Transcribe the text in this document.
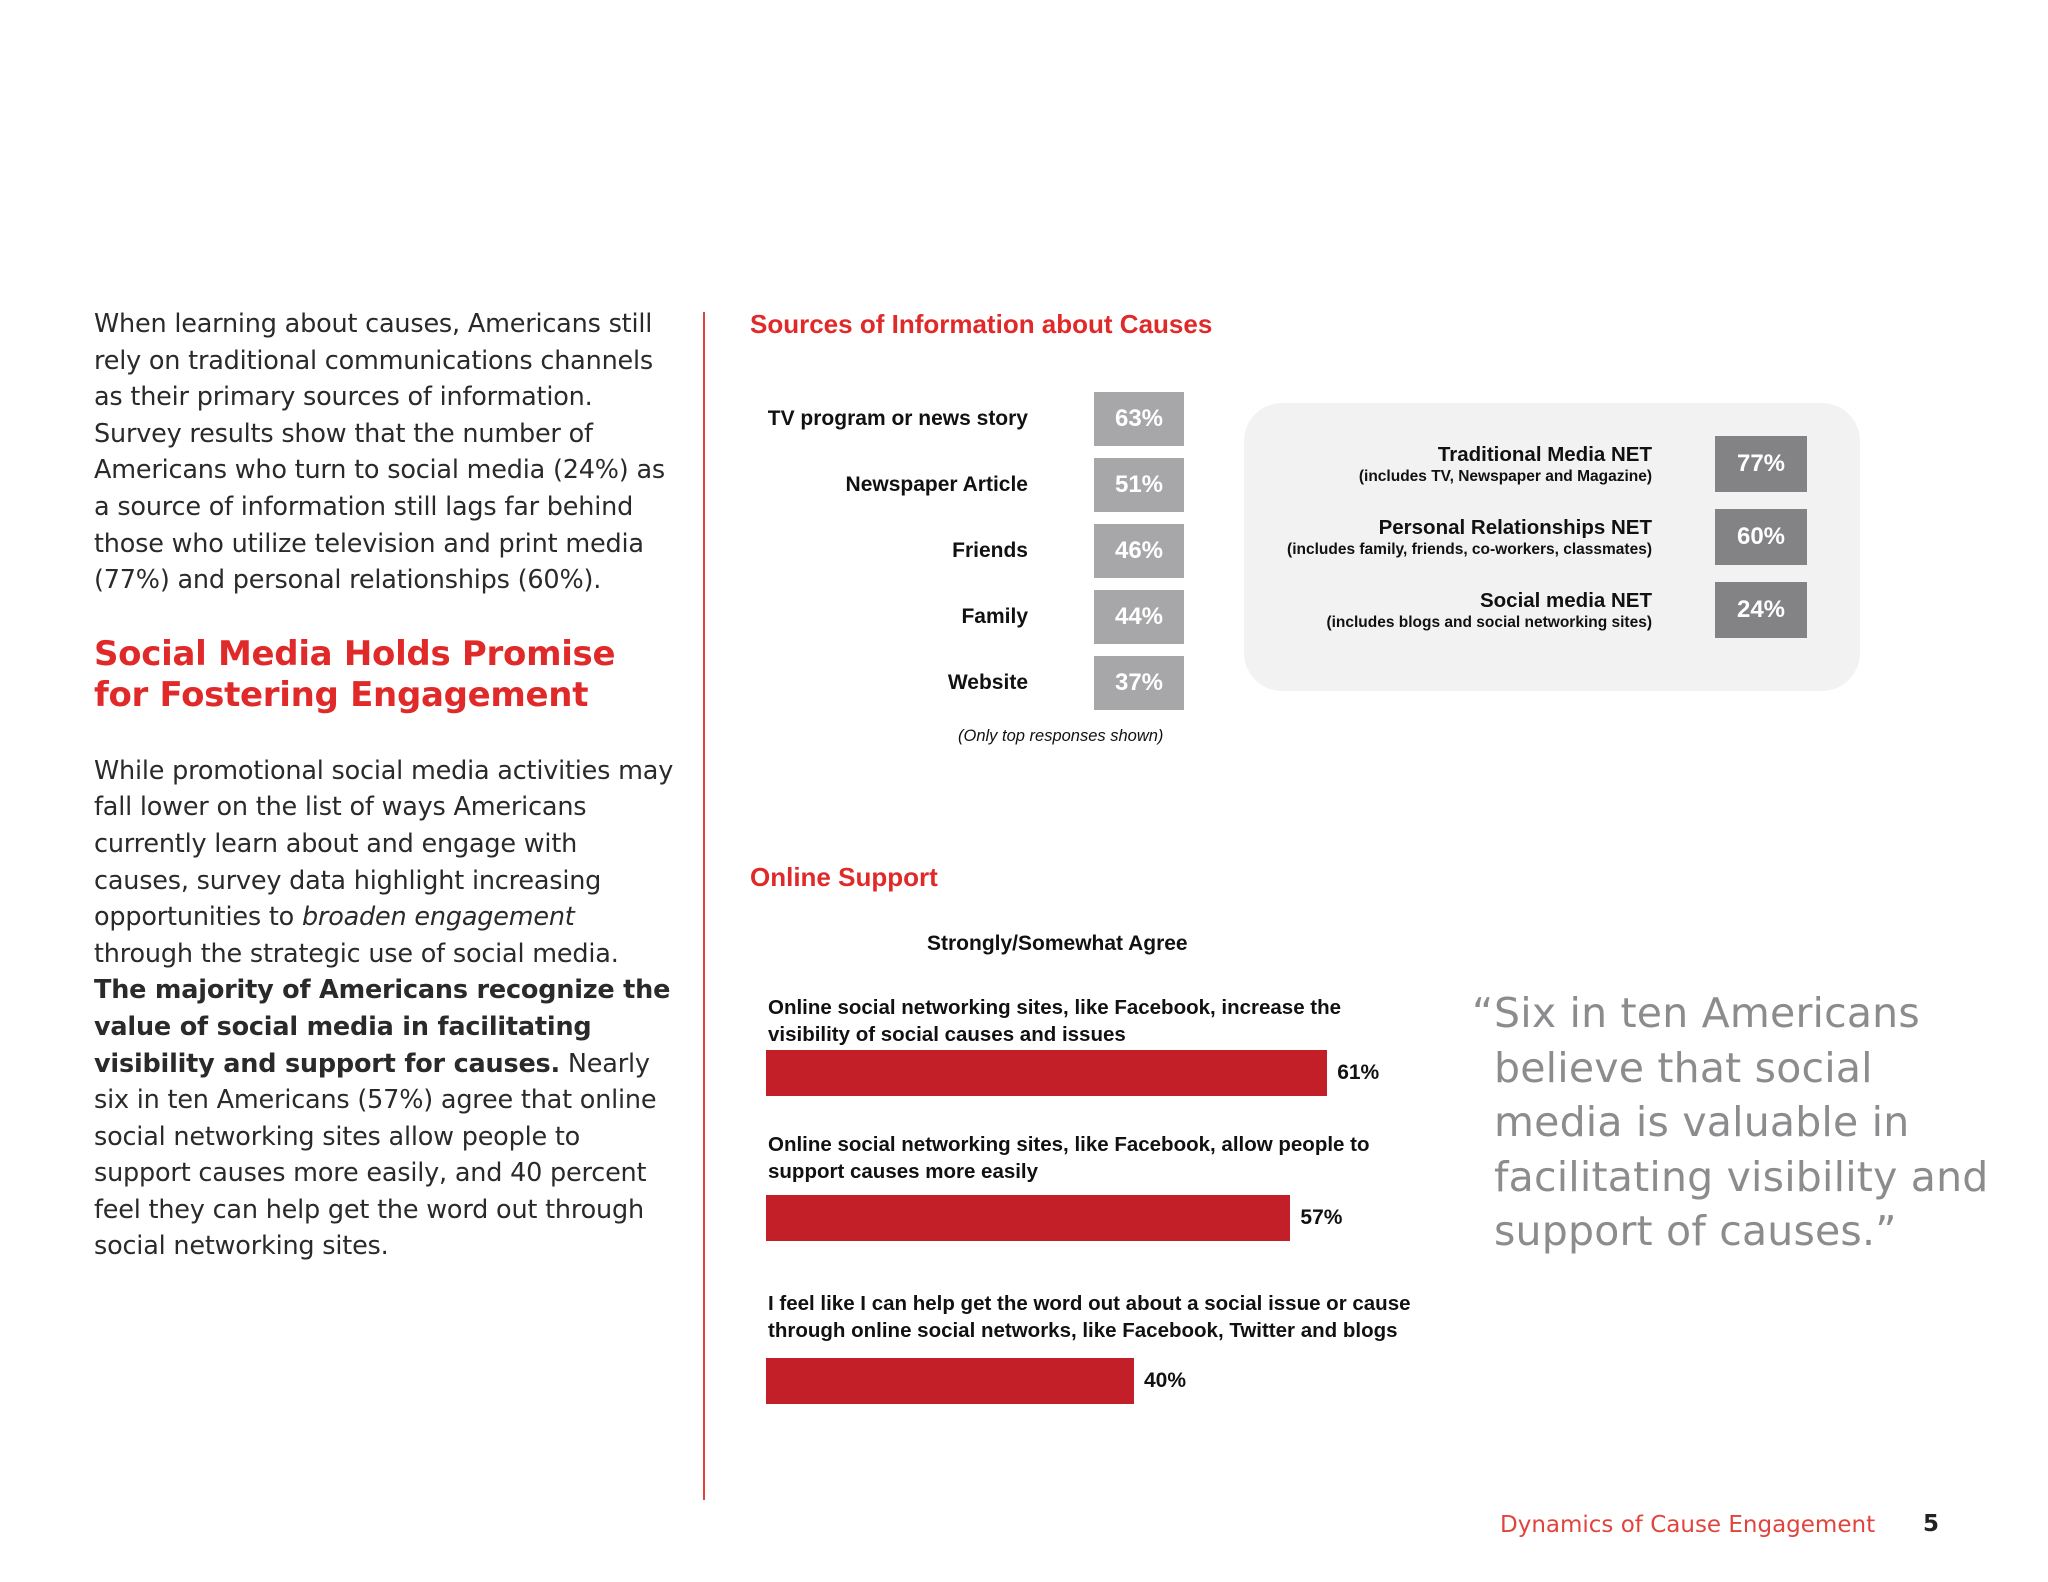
When learning about causes, Americans still rely on traditional communications channels as their primary sources of information. Survey results show that the number of Americans who turn to social media (24%) as a source of information still lags far behind those who utilize television and print media (77%) and personal relationships (60%).

Social Media Holds Promise
for Fostering Engagement

While promotional social media activities may fall lower on the list of ways Americans currently learn about and engage with causes, survey data highlight increasing opportunities to broaden engagement through the strategic use of social media. The majority of Americans recognize the value of social media in facilitating visibility and support for causes. Nearly six in ten Americans (57%) agree that online social networking sites allow people to support causes more easily, and 40 percent feel they can help get the word out through social networking sites.

Sources of Information about Causes
TV program or news story	63%
Newspaper Article	51%
Friends	46%
Family	44%
Website	37%
(Only top responses shown)
Traditional Media NET
(includes TV, Newspaper and Magazine)	77%
Personal Relationships NET
(includes family, friends, co-workers, classmates)	60%
Social media NET
(includes blogs and social networking sites)	24%
Online Support
Strongly/Somewhat Agree
Online social networking sites, like Facebook, increase the
visibility of social causes and issues
61%
Online social networking sites, like Facebook, allow people to
support causes more easily
57%
I feel like I can help get the word out about a social issue or cause
through online social networks, like Facebook, Twitter and blogs
40%
“ Six in ten Americans believe that social media is valuable in facilitating visibility and support of causes.”
Dynamics of Cause Engagement 5
